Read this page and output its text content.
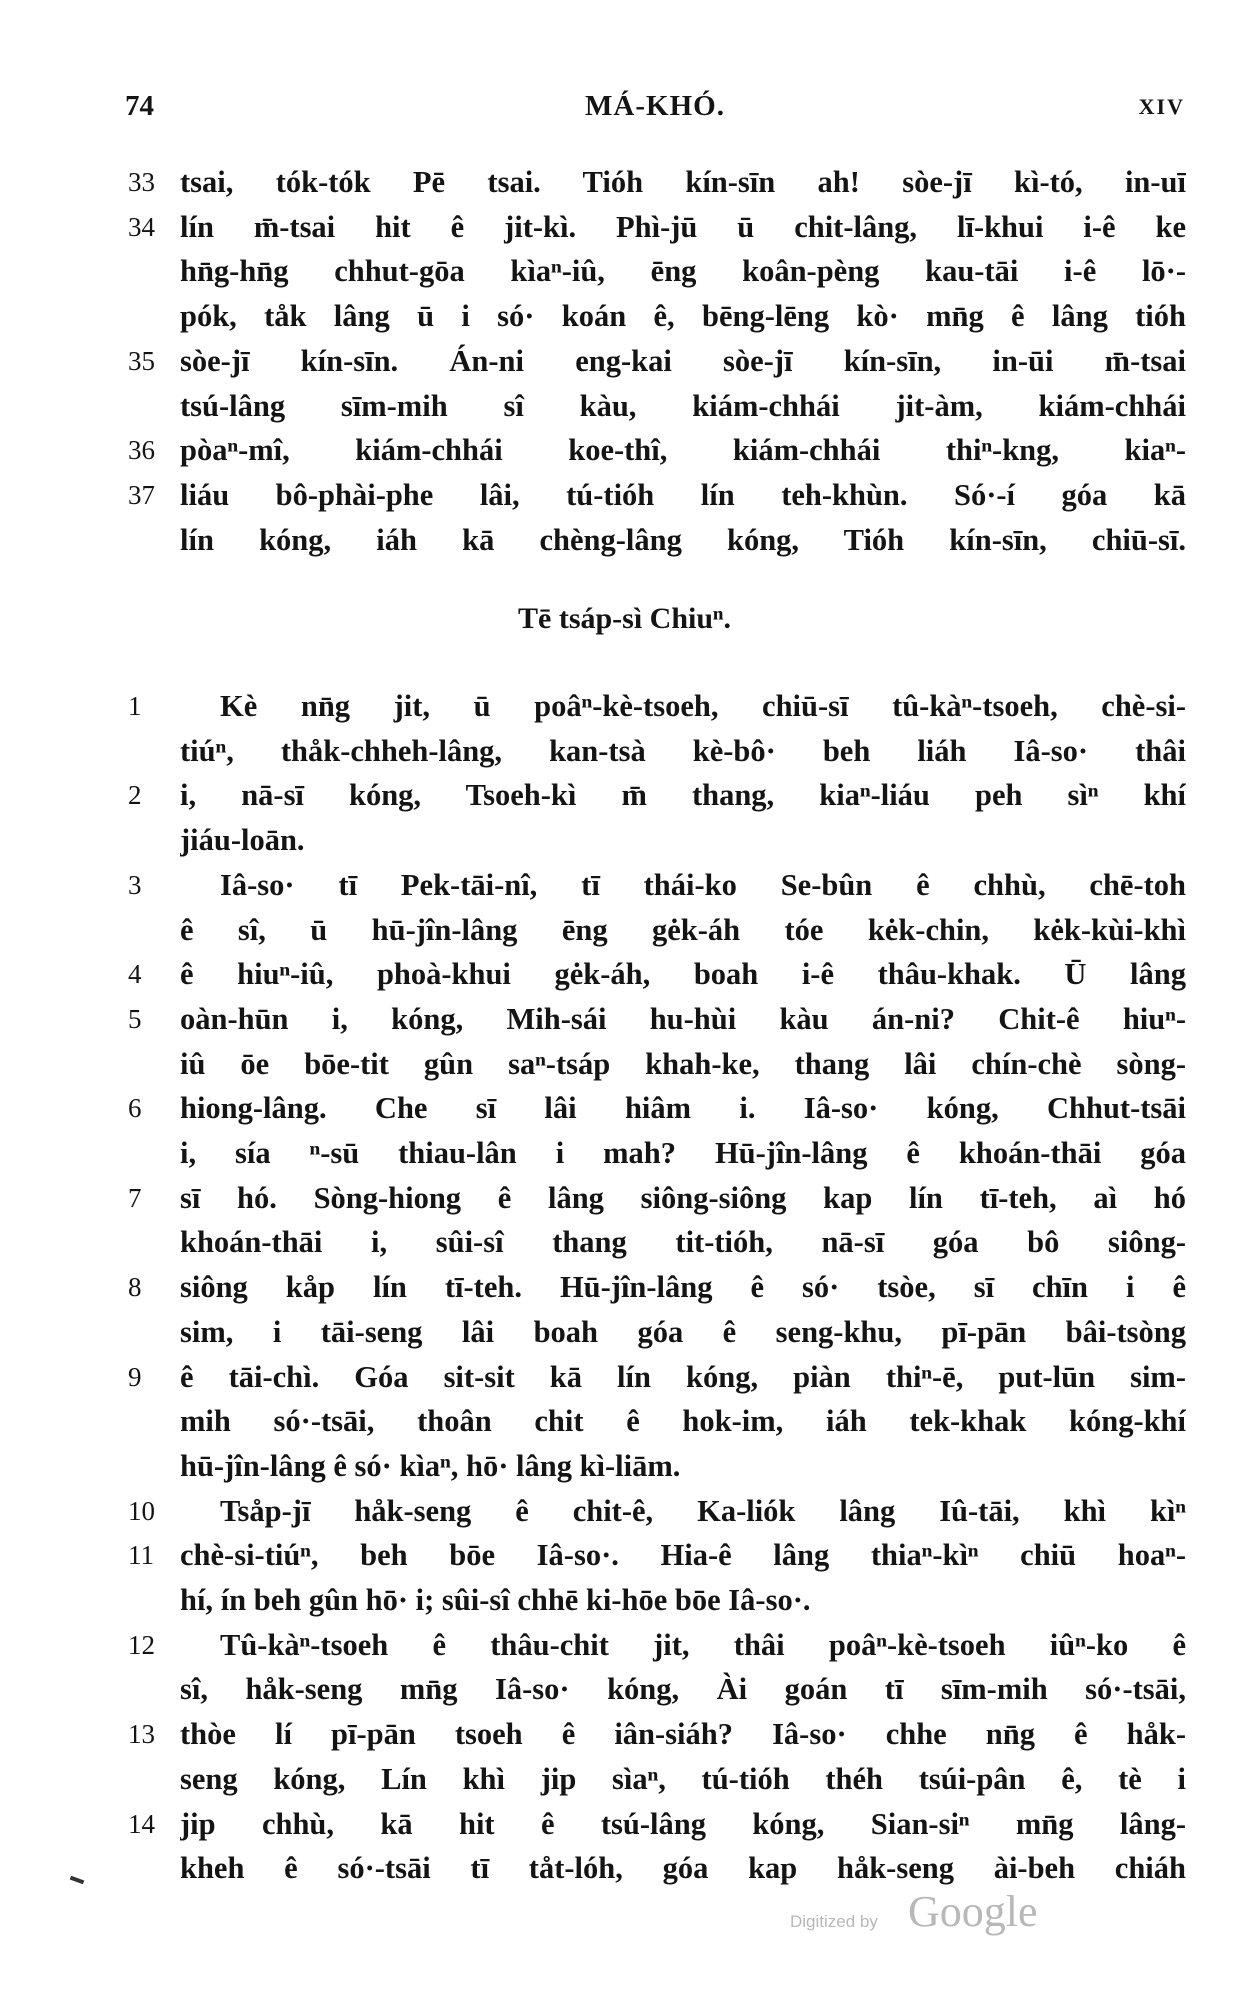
74	MÁ-KHÓ.	XIV
33 tsai, tók-tók Pē tsai. Tióh kín-sīn ah! sòe-jī kì-tó, in-uī
34 lín m̄-tsai hit ê jit-kì. Phì-jū ū chit-lâng, lī-khui i-ê ke
hn̄g-hn̄g chhut-gōa kìaⁿ-iû, ēng koân-pèng kau-tāi i-ê lō·-
pók, tåk lâng ū i só· koán ê, bēng-lēng kò· mn̄g ê lâng tióh
35 sòe-jī kín-sīn. Án-ni eng-kai sòe-jī kín-sīn, in-ūi m̄-tsai
tsú-lâng sīm-mih sî kàu, kiám-chhái jit-àm, kiám-chhái
36 pòaⁿ-mî, kiám-chhái koe-thî, kiám-chhái thiⁿ-kng, kiaⁿ-
37 liáu bô-phài-phe lâi, tú-tióh lín teh-khùn. Só·-í góa kā
lín kóng, iáh kā chèng-lâng kóng, Tióh kín-sīn, chiū-sī.
Tē tsáp-sì Chiuⁿ.
1	Kè nn̄g jit, ū poâⁿ-kè-tsoeh, chiū-sī tû-kàⁿ-tsoeh, chè-si-
tiúⁿ, thåk-chheh-lâng, kan-tsà kè-bô· beh liáh Iâ-so· thâi
2	i, nā-sī kóng, Tsoeh-kì m̄ thang, kiaⁿ-liáu peh sìⁿ khí
jiáu-loān.
3	Iâ-so· tī Pek-tāi-nî, tī thái-ko Se-bûn ê chhù, chē-toh
ê sî, ū hū-jîn-lâng ēng gėk-áh tóe kėk-chin, kėk-kùi-khì
4	ê hiuⁿ-iû, phoà-khui gėk-áh, boah i-ê thâu-khak. Ū lâng
5	oàn-hūn i, kóng, Mih-sái hu-hùi kàu án-ni? Chit-ê hiuⁿ-
iû ōe bōe-tit gûn saⁿ-tsáp khah-ke, thang lâi chín-chè sòng-
6	hiong-lâng. Che sī lâi hiâm i. Iâ-so· kóng, Chhut-tsāi
i, sía ⁿ-sū thiau-lân i mah? Hū-jîn-lâng ê khoán-thāi góa
7	sī hó. Sòng-hiong ê lâng siông-siông kap lín tī-teh, aì hó
khoán-thāi i, sûi-sî thang tit-tióh, nā-sī góa bô siông-
8	siông kåp lín tī-teh. Hū-jîn-lâng ê só· tsòe, sī chīn i ê
sim, i tāi-seng lâi boah góa ê seng-khu, pī-pān bâi-tsòng
9	ê tāi-chì. Góa sit-sit kā lín kóng, piàn thiⁿ-ē, put-lūn sim-
mih só·-tsāi, thoân chit ê hok-im, iáh tek-khak kóng-khí
hū-jîn-lâng ê só· kìaⁿ, hō· lâng kì-liām.
10	Tsåp-jī håk-seng ê chit-ê, Ka-liók lâng Iû-tāi, khì kìⁿ
11 chè-si-tiúⁿ, beh bōe Iâ-so·. Hia-ê lâng thiaⁿ-kìⁿ chiū hoaⁿ-
hí, ín beh gûn hō· i; sûi-sî chhē ki-hōe bōe Iâ-so·.
12	Tû-kàⁿ-tsoeh ê thâu-chit jit, thâi poâⁿ-kè-tsoeh iûⁿ-ko ê
sî, håk-seng mn̄g Iâ-so· kóng, Ài goán tī sīm-mih só·-tsāi,
13 thòe lí pī-pān tsoeh ê iân-siáh? Iâ-so· chhe nn̄g ê håk-
seng kóng, Lín khì jip sìaⁿ, tú-tióh théh tsúi-pân ê, tè i
14 jip chhù, kā hit ê tsú-lâng kóng, Sian-siⁿ mn̄g lâng-
kheh ê só·-tsāi tī tåt-lóh, góa kap håk-seng ài-beh chiáh
Digitized by Google
